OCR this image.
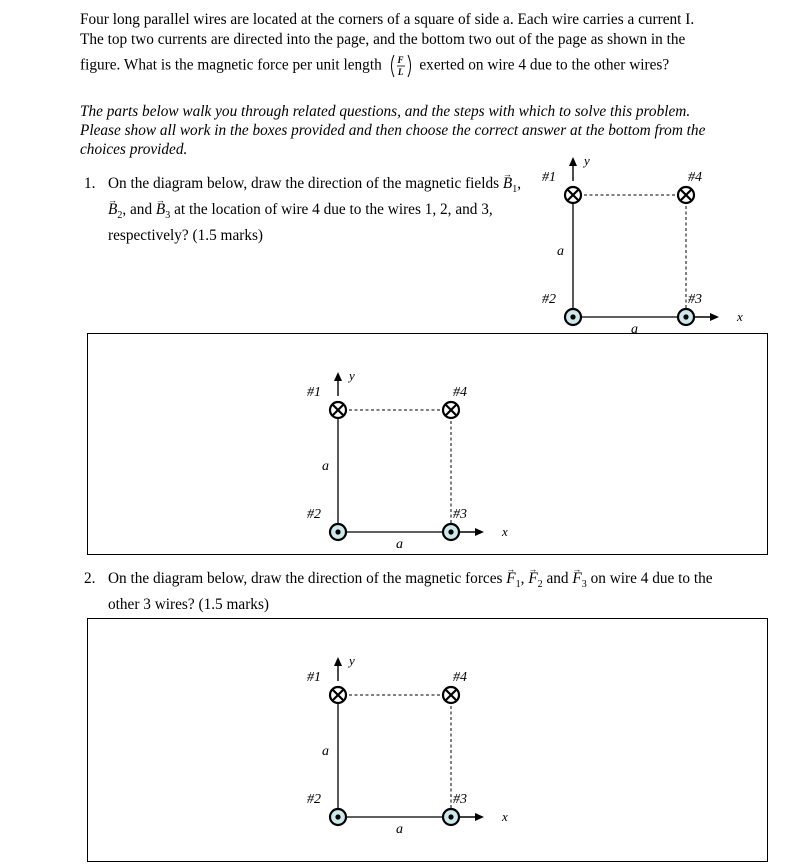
Four long parallel wires are located at the corners of a square of side a. Each wire carries a current I.
The top two currents are directed into the page, and the bottom two out of the page as shown in the
figure. What is the magnetic force per unit length	F
L	exerted on wire 4 due to the other wires?
The parts below walk you through related questions, and the steps with which to solve this problem. Please show all work in the boxes provided and then choose the correct answer at the bottom from the choices provided.
1. On the diagram below, draw the direction of the magnetic fields → $B_1$, → $B_2$, and → $B_3$ at the location of wire 4 due to the wires 1, 2, and 3, respectively? (1.5 marks)
2. On the diagram below, draw the direction of the magnetic forces → $F_1$, → $F_2$ and → $F_3$ on wire 4 due to the other 3 wires? (1.5 marks)
y
x
#1	#4
#2	#3
a
a
y
x
#1	#4
#2	#3
a
a
y
x
#1	#4
#2	#3
a
a
